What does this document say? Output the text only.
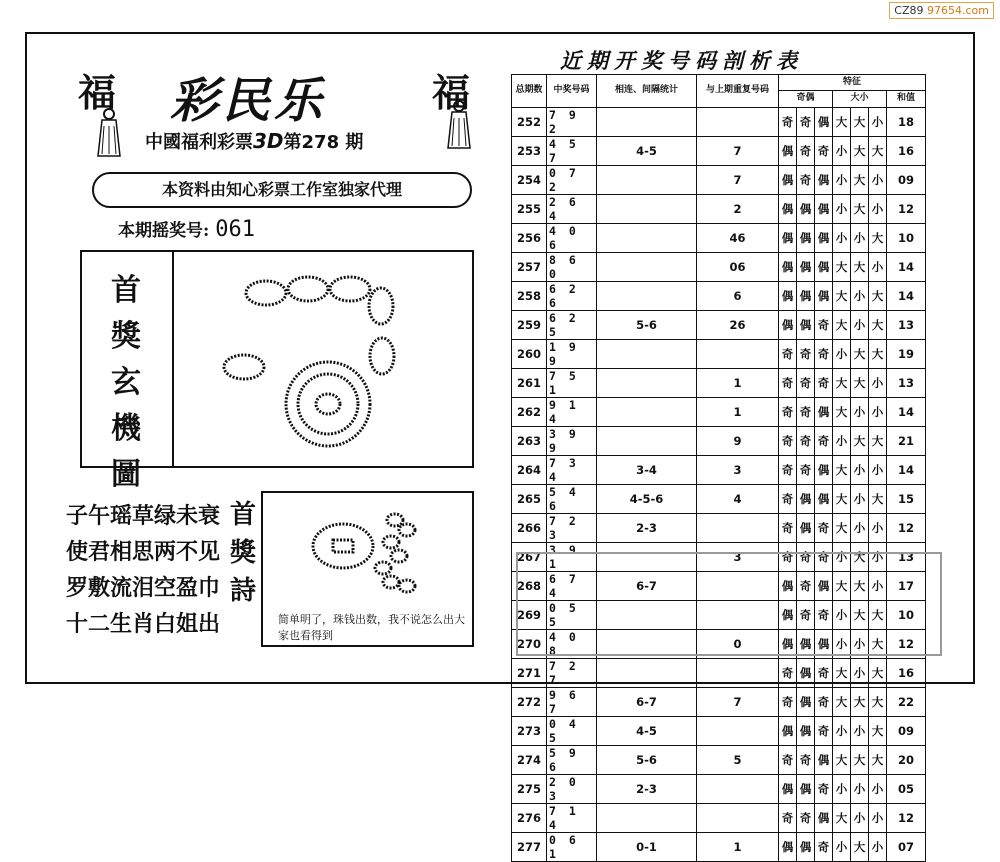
CZ89 97654.com
福	福
彩民乐
中國福利彩票3D第278 期
本资料由知心彩票工作室独家代理
本期摇奖号: 061
首
獎
玄
機
圖
子午瑶草绿未衰
使君相思两不见
罗敷流泪空盈巾
十二生肖白姐出
首
獎
詩
简单明了，珠钱出数，我不说怎么出大家也看得到
近期开奖号码剖析表
总期数	中奖号码	相连、间隔统计	与上期重复号码	特征						
				奇偶			大小			和值
252	7 9 2			奇	奇	偶	大	大	小	18
253	4 5 7	4-5	7	偶	奇	奇	小	大	大	16
254	0 7 2		7	偶	奇	偶	小	大	小	09
255	2 6 4		2	偶	偶	偶	小	大	小	12
256	4 0 6		46	偶	偶	偶	小	小	大	10
257	8 6 0		06	偶	偶	偶	大	大	小	14
258	6 2 6		6	偶	偶	偶	大	小	大	14
259	6 2 5	5-6	26	偶	偶	奇	大	小	大	13
260	1 9 9			奇	奇	奇	小	大	大	19
261	7 5 1		1	奇	奇	奇	大	大	小	13
262	9 1 4		1	奇	奇	偶	大	小	小	14
263	3 9 9		9	奇	奇	奇	小	大	大	21
264	7 3 4	3-4	3	奇	奇	偶	大	小	小	14
265	5 4 6	4-5-6	4	奇	偶	偶	大	小	大	15
266	7 2 3	2-3		奇	偶	奇	大	小	小	12
267	3 9 1		3	奇	奇	奇	小	大	小	13
268	6 7 4	6-7		偶	奇	偶	大	大	小	17
269	0 5 5			偶	奇	奇	小	大	大	10
270	4 0 8		0	偶	偶	偶	小	小	大	12
271	7 2 7			奇	偶	奇	大	小	大	16
272	9 6 7	6-7	7	奇	偶	奇	大	大	大	22
273	0 4 5	4-5		偶	偶	奇	小	小	大	09
274	5 9 6	5-6	5	奇	奇	偶	大	大	大	20
275	2 0 3	2-3		偶	偶	奇	小	小	小	05
276	7 1 4			奇	奇	偶	大	小	小	12
277	0 6 1	0-1	1	偶	偶	奇	小	大	小	07
